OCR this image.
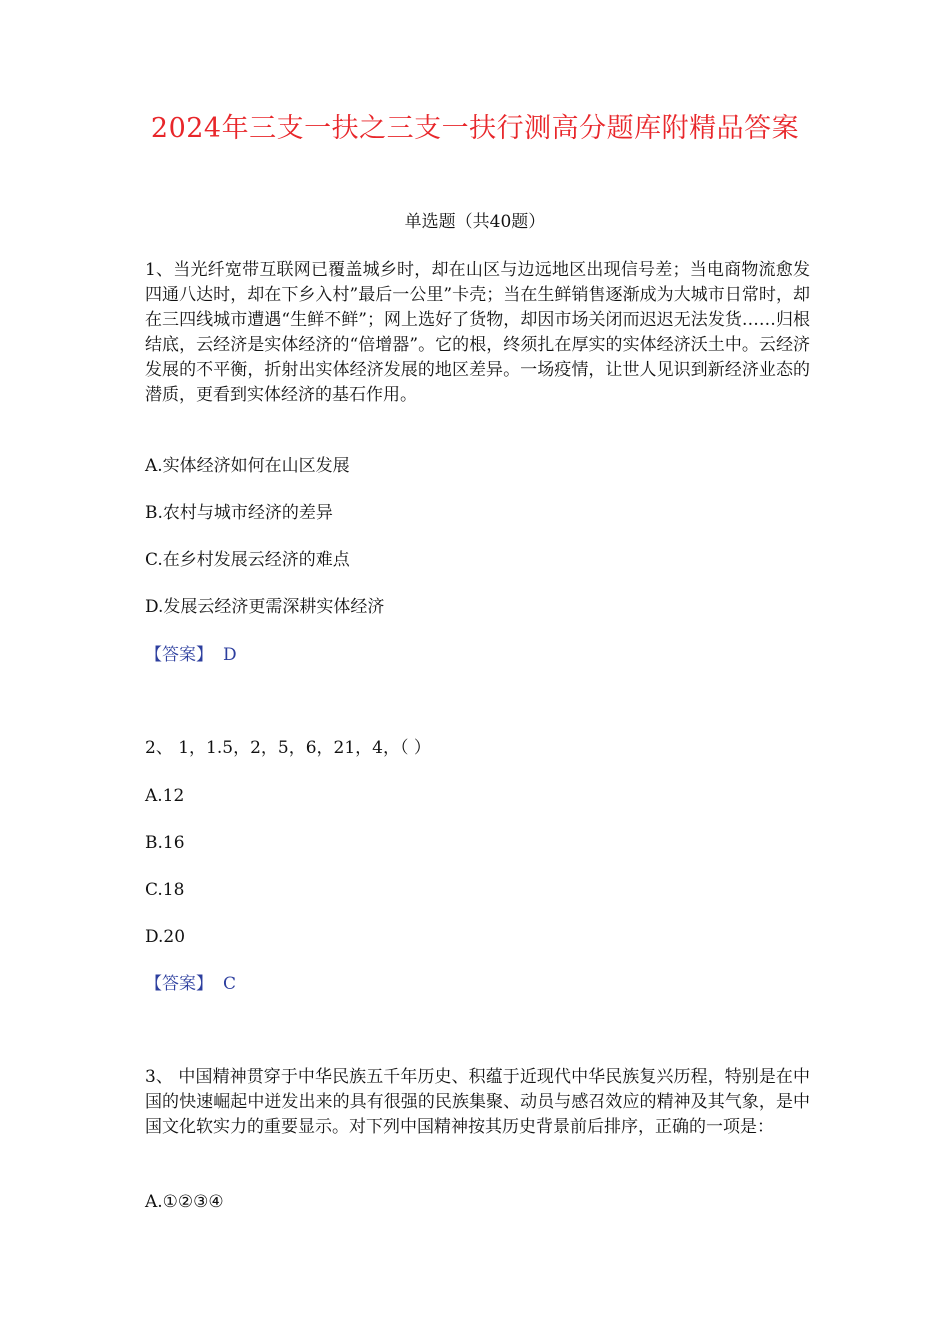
2024年三支一扶之三支一扶行测高分题库附精品答案
单选题（共40题）
1、当光纤宽带互联网已覆盖城乡时，却在山区与边远地区出现信号差；当电商物流愈发四通八达时，却在下乡入村”最后一公里”卡壳；当在生鲜销售逐渐成为大城市日常时，却在三四线城市遭遇“生鲜不鲜”；网上选好了货物，却因市场关闭而迟迟无法发货……归根结底，云经济是实体经济的“倍增器”。它的根，终须扎在厚实的实体经济沃土中。云经济发展的不平衡，折射出实体经济发展的地区差异。一场疫情，让世人见识到新经济业态的潜质，更看到实体经济的基石作用。
A.实体经济如何在山区发展
B.农村与城市经济的差异
C.在乡村发展云经济的难点
D.发展云经济更需深耕实体经济
【答案】 D
2、 1，1.5，2，5，6，21，4，（ ）
A.12
B.16
C.18
D.20
【答案】 C
3、 中国精神贯穿于中华民族五千年历史、积蕴于近现代中华民族复兴历程，特别是在中国的快速崛起中迸发出来的具有很强的民族集聚、动员与感召效应的精神及其气象，是中国文化软实力的重要显示。对下列中国精神按其历史背景前后排序，正确的一项是：
A.①②③④
